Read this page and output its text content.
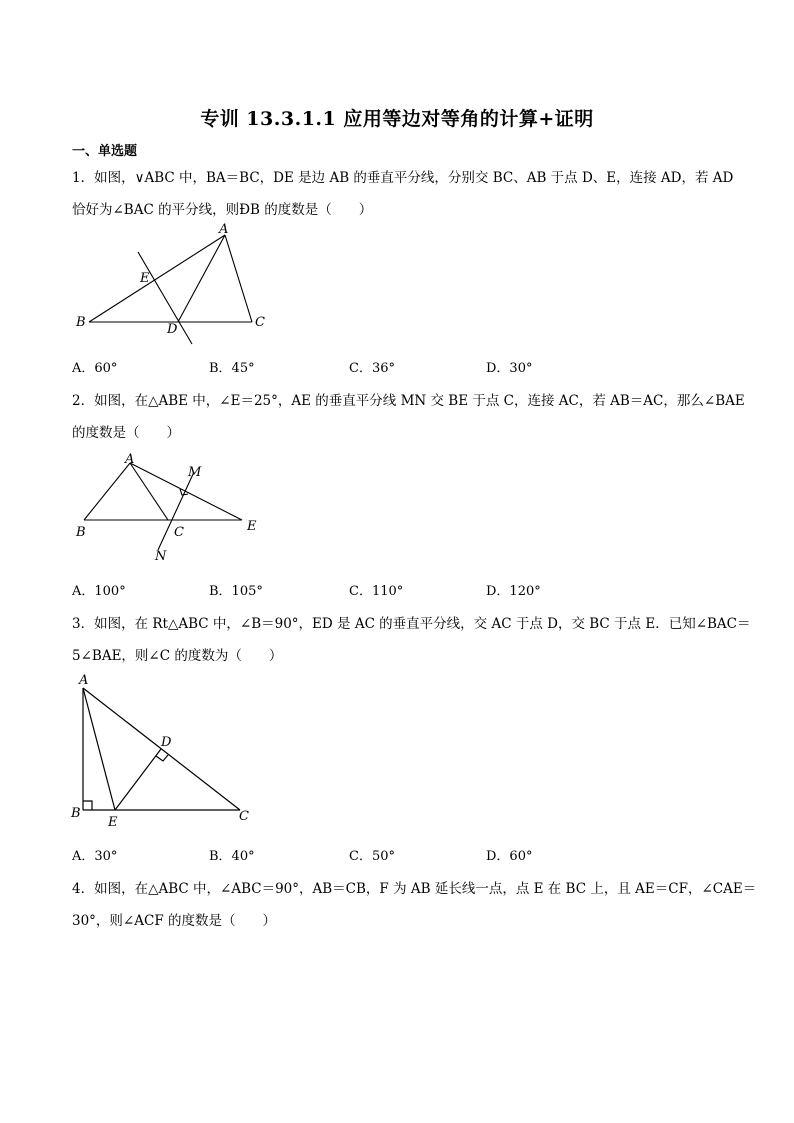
专训 13.3.1.1 应用等边对等角的计算+证明
一、单选题
1．如图，∨ABC 中，BA＝BC，DE 是边 AB 的垂直平分线，分别交 BC、AB 于点 D、E，连接 AD，若 AD
恰好为∠BAC 的平分线，则ÐB 的度数是（　　）
A
B	C
D
E
A．60°	B．45°	C．36°	D．30°
2．如图，在△ABE 中，∠E＝25°，AE 的垂直平分线 MN 交 BE 于点 C，连接 AC，若 AB＝AC，那么∠BAE
的度数是（　　）
A
B	C	E
M
N
A．100°	B．105°	C．110°	D．120°
3．如图，在 Rt△ABC 中，∠B＝90°，ED 是 AC 的垂直平分线，交 AC 于点 D，交 BC 于点 E．已知∠BAC＝
5∠BAE，则∠C 的度数为（　　）
A
B	C
D
E
A．30°	B．40°	C．50°	D．60°
4．如图，在△ABC 中，∠ABC＝90°，AB＝CB，F 为 AB 延长线一点，点 E 在 BC 上，且 AE＝CF，∠CAE＝
30°，则∠ACF 的度数是（　　）
